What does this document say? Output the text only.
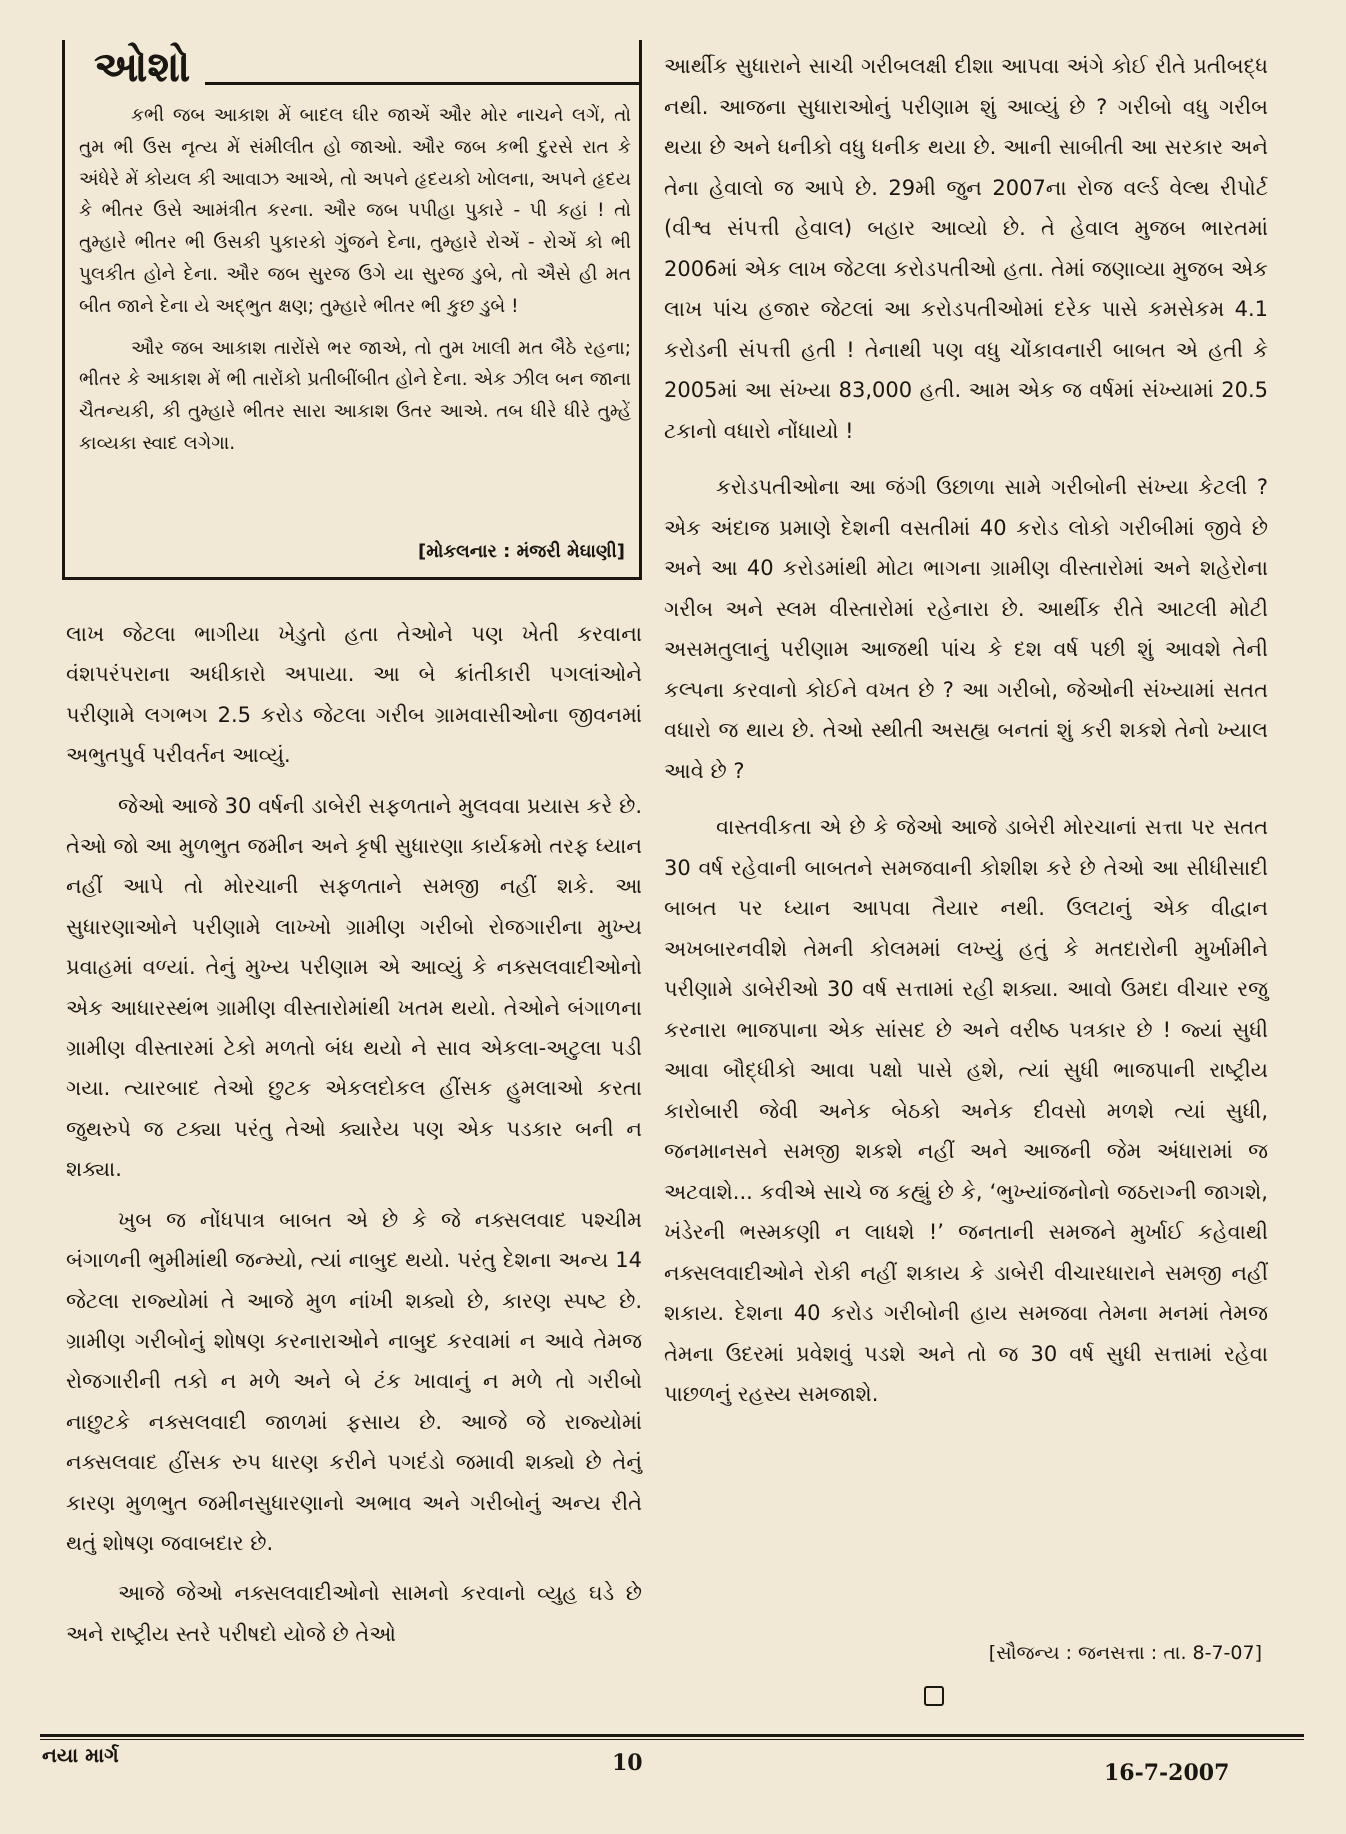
કભી જબ આકાશ મેં બાદલ ઘીર જાએં ઔર મોર નાચને લગેં, તો તુમ ભી ઉસ નૃત્ય મેં સંમીલીત હો જાઓ. ઔર જબ કભી દુરસે રાત કે અંધેરે મેં કોયલ કી આવાઝ આએ, તો અપને હૃદયકો ખોલના, અપને હૃદય કે ભીતર ઉસે આમંત્રીત કરના. ઔર જબ પપીહા પુકારે - પી કહાં ! તો તુમ્હારે ભીતર ભી ઉસકી પુકારકો ગુંજને દેના, તુમ્હારે રોએં - રોએં કો ભી પુલકીત હોને દેના. ઔર જબ સુરજ ઉગે યા સુરજ ડુબે, તો ઐસે હી મત બીત જાને દેના યે અદ્ભુત ક્ષણ; તુમ્હારે ભીતર ભી કુછ ડુબે !

ઔર જબ આકાશ તારોંસે ભર જાએ, તો તુમ ખાલી મત બૈઠે રહના; ભીતર કે આકાશ મેં ભી તારોંકો પ્રતીબીંબીત હોને દેના. એક ઝીલ બન જાના ચૈતન્યકી, કી તુમ્હારે ભીતર સારા આકાશ ઉતર આએ. તબ ધીરે ધીરે તુમ્હેં કાવ્યકા સ્વાદ લગેગા.

[મોકલનાર : મંજરી મેઘાણી]
ઓશો	આર્થીક સુધારાને સાચી ગરીબલક્ષી દીશા આપવા અંગે કોઈ રીતે પ્રતીબદ્ધ નથી. આજના સુધારાઓનું પરીણામ શું આવ્યું છે ? ગરીબો વધુ ગરીબ થયા છે અને ધનીકો વધુ ધનીક થયા છે. આની સાબીતી આ સરકાર અને તેના હેવાલો જ આપે છે. 29મી જુન 2007ના રોજ વર્લ્ડ વેલ્થ રીપોર્ટ (વીશ્વ સંપત્તી હેવાલ) બહાર આવ્યો છે. તે હેવાલ મુજબ ભારતમાં 2006માં એક લાખ જેટલા કરોડપતીઓ હતા. તેમાં જણાવ્યા મુજબ એક લાખ પાંચ હજાર જેટલાં આ કરોડપતીઓમાં દરેક પાસે કમસેકમ 4.1 કરોડની સંપત્તી હતી ! તેનાથી પણ વધુ ચોંકાવનારી બાબત એ હતી કે 2005માં આ સંખ્યા 83,000 હતી. આમ એક જ વર્ષમાં સંખ્યામાં 20.5 ટકાનો વધારો નોંધાયો !

કરોડપતીઓના આ જંગી ઉછાળા સામે ગરીબોની સંખ્યા કેટલી ? એક અંદાજ પ્રમાણે દેશની વસતીમાં 40 કરોડ લોકો ગરીબીમાં જીવે છે અને આ 40 કરોડમાંથી મોટા ભાગના ગ્રામીણ વીસ્તારોમાં અને શહેરોના ગરીબ અને સ્લમ વીસ્તારોમાં રહેનારા છે. આર્થીક રીતે આટલી મોટી અસમતુલાનું પરીણામ આજથી પાંચ કે દશ વર્ષ પછી શું આવશે તેની કલ્પના કરવાનો કોઈને વખત છે ? આ ગરીબો, જેઓની સંખ્યામાં સતત વધારો જ થાય છે. તેઓ સ્થીતી અસહ્ય બનતાં શું કરી શકશે તેનો ખ્યાલ આવે છે ?

વાસ્તવીકતા એ છે કે જેઓ આજે ડાબેરી મોરચાનાં સત્તા પર સતત 30 વર્ષ રહેવાની બાબતને સમજવાની કોશીશ કરે છે તેઓ આ સીધીસાદી બાબત પર ધ્યાન આપવા તૈયાર નથી. ઉલટાનું એક વીદ્વાન અખબારનવીશે તેમની કોલમમાં લખ્યું હતું કે મતદારોની મુર્ખામીને પરીણામે ડાબેરીઓ 30 વર્ષ સત્તામાં રહી શક્યા. આવો ઉમદા વીચાર રજુ કરનારા ભાજપાના એક સાંસદ છે અને વરીષ્ઠ પત્રકાર છે ! જ્યાં સુધી આવા બૌદ્ધીકો આવા પક્ષો પાસે હશે, ત્યાં સુધી ભાજપાની રાષ્ટ્રીય કારોબારી જેવી અનેક બેઠકો અનેક દીવસો મળશે ત્યાં સુધી, જનમાનસને સમજી શકશે નહીં અને આજની જેમ અંધારામાં જ અટવાશે... કવીએ સાચે જ કહ્યું છે કે, ‘ભુખ્યાંજનોનો જઠરાગ્ની જાગશે, ખંડેરની ભસ્મકણી ન લાધશે !’ જનતાની સમજને મુર્ખાઈ કહેવાથી નક્સલવાદીઓને રોકી નહીં શકાય કે ડાબેરી વીચારધારાને સમજી નહીં શકાય. દેશના 40 કરોડ ગરીબોની હાય સમજવા તેમના મનમાં તેમજ તેમના ઉદરમાં પ્રવેશવું પડશે અને તો જ 30 વર્ષ સુધી સત્તામાં રહેવા પાછળનું રહસ્ય સમજાશે.

લાખ જેટલા ભાગીયા ખેડુતો હતા તેઓને પણ ખેતી કરવાના વંશપરંપરાના અધીકારો અપાયા. આ બે ક્રાંતીકારી પગલાંઓને પરીણામે લગભગ 2.5 કરોડ જેટલા ગરીબ ગ્રામવાસીઓના જીવનમાં અભુતપુર્વ પરીવર્તન આવ્યું.

જેઓ આજે 30 વર્ષની ડાબેરી સફળતાને મુલવવા પ્રયાસ કરે છે. તેઓ જો આ મુળભુત જમીન અને કૃષી સુધારણા કાર્યક્રમો તરફ ધ્યાન નહીં આપે તો મોરચાની સફળતાને સમજી નહીં શકે. આ સુધારણાઓને પરીણામે લાખ્ખો ગ્રામીણ ગરીબો રોજગારીના મુખ્ય પ્રવાહમાં વળ્યાં. તેનું મુખ્ય પરીણામ એ આવ્યું કે નક્સલવાદીઓનો એક આધારસ્થંભ ગ્રામીણ વીસ્તારોમાંથી ખતમ થયો. તેઓને બંગાળના ગ્રામીણ વીસ્તારમાં ટેકો મળતો બંધ થયો ને સાવ એકલા-અટુલા પડી ગયા. ત્યારબાદ તેઓ છુટક એકલદોકલ હીંસક હુમલાઓ કરતા જુથરુપે જ ટક્યા પરંતુ તેઓ ક્યારેય પણ એક પડકાર બની ન શક્યા.

ખુબ જ નોંધપાત્ર બાબત એ છે કે જે નક્સલવાદ પશ્ચીમ બંગાળની ભુમીમાંથી જન્મ્યો, ત્યાં નાબુદ થયો. પરંતુ દેશના અન્ય 14 જેટલા રાજ્યોમાં તે આજે મુળ નાંખી શક્યો છે, કારણ સ્પષ્ટ છે. ગ્રામીણ ગરીબોનું શોષણ કરનારાઓને નાબુદ કરવામાં ન આવે તેમજ રોજગારીની તકો ન મળે અને બે ટંક ખાવાનું ન મળે તો ગરીબો નાછુટકે નક્સલવાદી જાળમાં ફસાય છે. આજે જે રાજ્યોમાં નક્સલવાદ હીંસક રુપ ધારણ કરીને પગદંડો જમાવી શક્યો છે તેનું કારણ મુળભુત જમીનસુધારણાનો અભાવ અને ગરીબોનું અન્ય રીતે થતું શોષણ જવાબદાર છે.

આજે જેઓ નક્સલવાદીઓનો સામનો કરવાનો વ્યુહ ઘડે છે અને રાષ્ટ્રીય સ્તરે પરીષદો યોજે છે તેઓ

[સૌજન્ય : જનસત્તા : તા. 8-7-07]
નયા માર્ગ	10	16-7-2007
